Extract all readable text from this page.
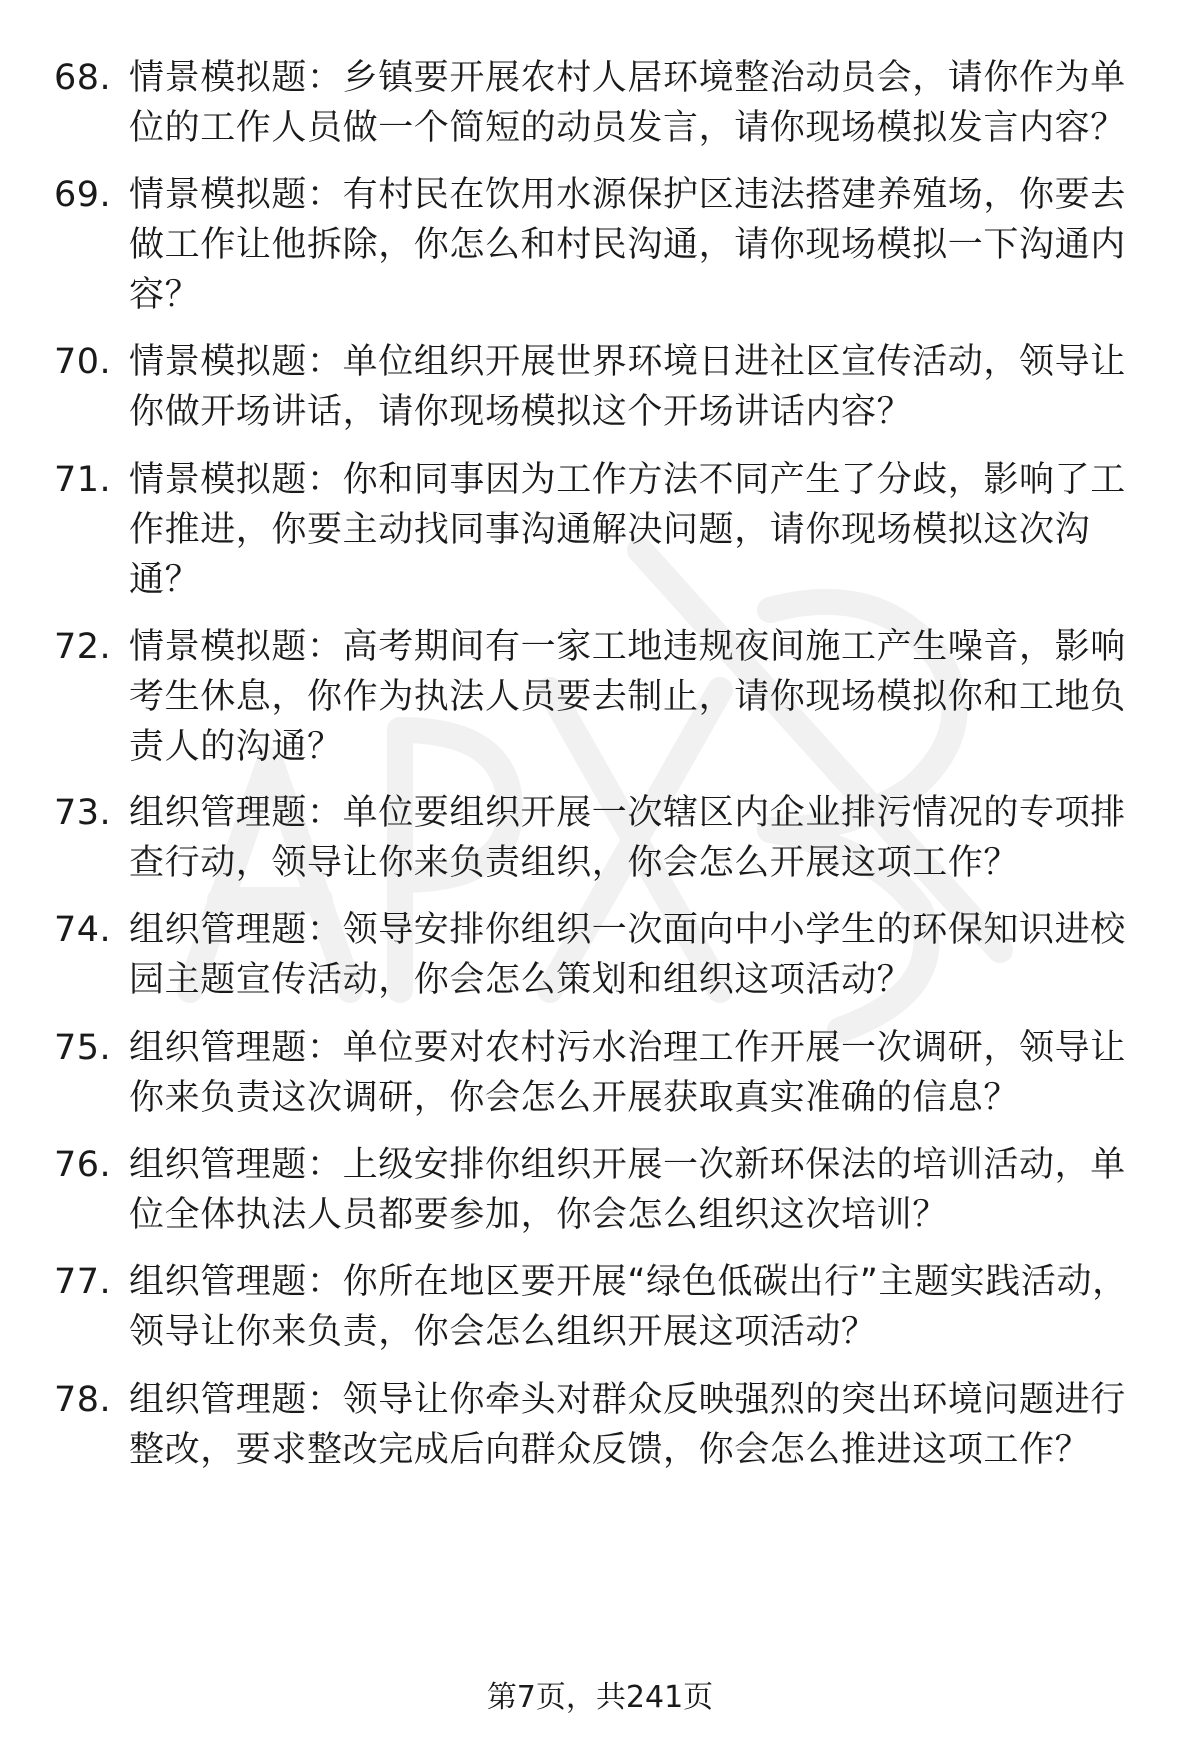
68. 情景模拟题：乡镇要开展农村人居环境整治动员会，请你作为单位的工作人员做一个简短的动员发言，请你现场模拟发言内容？
69. 情景模拟题：有村民在饮用水源保护区违法搭建养殖场，你要去做工作让他拆除，你怎么和村民沟通，请你现场模拟一下沟通内容？
70. 情景模拟题：单位组织开展世界环境日进社区宣传活动，领导让你做开场讲话，请你现场模拟这个开场讲话内容？
71. 情景模拟题：你和同事因为工作方法不同产生了分歧，影响了工作推进，你要主动找同事沟通解决问题，请你现场模拟这次沟通？
72. 情景模拟题：高考期间有一家工地违规夜间施工产生噪音，影响考生休息，你作为执法人员要去制止，请你现场模拟你和工地负责人的沟通？
73. 组织管理题：单位要组织开展一次辖区内企业排污情况的专项排查行动，领导让你来负责组织，你会怎么开展这项工作？
74. 组织管理题：领导安排你组织一次面向中小学生的环保知识进校园主题宣传活动，你会怎么策划和组织这项活动？
75. 组织管理题：单位要对农村污水治理工作开展一次调研，领导让你来负责这次调研，你会怎么开展获取真实准确的信息？
76. 组织管理题：上级安排你组织开展一次新环保法的培训活动，单位全体执法人员都要参加，你会怎么组织这次培训？
77. 组织管理题：你所在地区要开展“绿色低碳出行”主题实践活动，领导让你来负责，你会怎么组织开展这项活动？
78. 组织管理题：领导让你牵头对群众反映强烈的突出环境问题进行整改，要求整改完成后向群众反馈，你会怎么推进这项工作？
第7页，共241页
